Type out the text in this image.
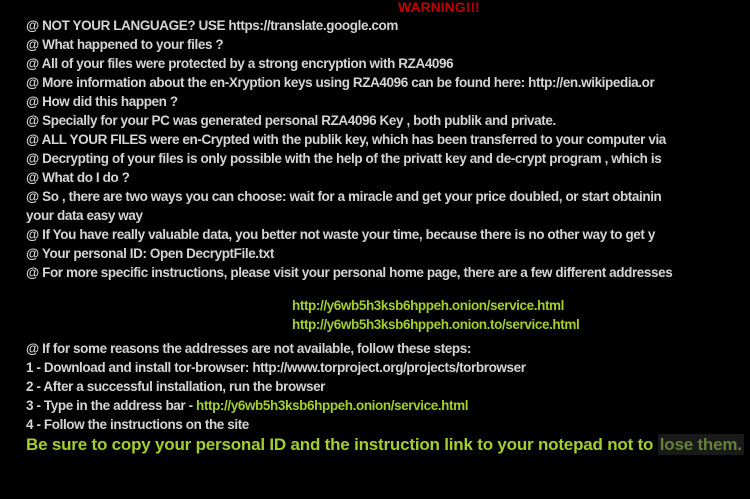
WARNING!!!
@ NOT YOUR LANGUAGE? USE https://translate.google.com
@ What happened to your files ?
@ All of your files were protected by a strong encryption with RZA4096
@ More information about the en-Xryption keys using RZA4096 can be found here: http://en.wikipedia.or
@ How did this happen ?
@ Specially for your PC was generated personal RZA4096 Key , both publik and private.
@ ALL YOUR FILES were en-Crypted with the publik key, which has been transferred to your computer via
@ Decrypting of your files is only possible with the help of the privatt key and de-crypt program , which is
@ What do I do ?
@ So , there are two ways you can choose: wait for a miracle and get your price doubled, or start obtainin
your data easy way
@ If You have really valuable data, you better not waste your time, because there is no other way to get y
@ Your personal ID: Open DecryptFile.txt
@ For more specific instructions, please visit your personal home page, there are a few different addresses
http://y6wb5h3ksb6hppeh.onion/service.html
http://y6wb5h3ksb6hppeh.onion.to/service.html
@ If for some reasons the addresses are not available, follow these steps:
1 - Download and install tor-browser: http://www.torproject.org/projects/torbrowser
2 - After a successful installation, run the browser
3 - Type in the address bar - http://y6wb5h3ksb6hppeh.onion/service.html
4 - Follow the instructions on the site
Be sure to copy your personal ID and the instruction link to your notepad not to lose them.
